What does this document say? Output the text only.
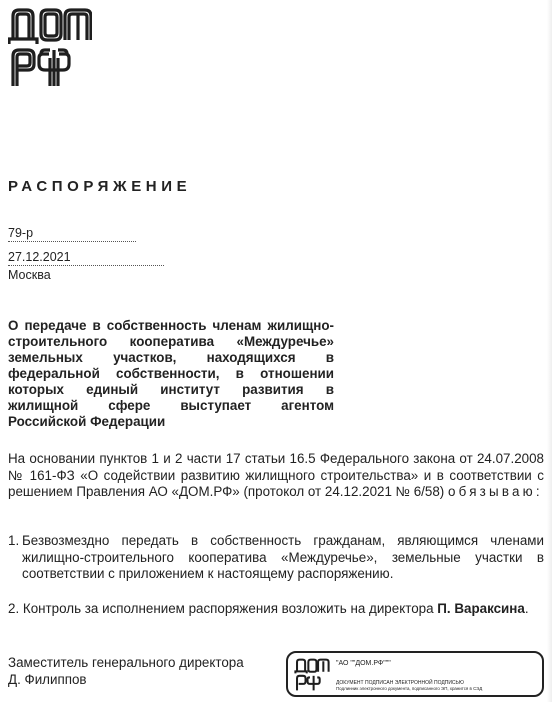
РАСПОРЯЖЕНИЕ
79-р
27.12.2021
Москва
О передаче в собственность членам жилищно-строительного кооператива «Междуречье» земельных участков, находящихся в федеральной собственности, в отношении которых единый институт развития в жилищной сфере выступает агентом Российской Федерации
На основании пунктов 1 и 2 части 17 статьи 16.5 Федерального закона от 24.07.2008 № 161-ФЗ «О содействии развитию жилищного строительства» и в соответствии с решением Правления АО «ДОМ.РФ» (протокол от 24.12.2021 № 6/58) обязываю:
1. Безвозмездно передать в собственность гражданам, являющимся членами жилищно-строительного кооператива «Междуречье», земельные участки в соответствии с приложением к настоящему распоряжению.
2. Контроль за исполнением распоряжения возложить на директора П. Вараксина.
Заместитель генерального директора
Д. Филиппов
"АО ""ДОМ.РФ"""
ДОКУМЕНТ ПОДПИСАН ЭЛЕКТРОННОЙ ПОДПИСЬЮ
Подлинник электронного документа, подписанного ЭП, хранится в СЭД
